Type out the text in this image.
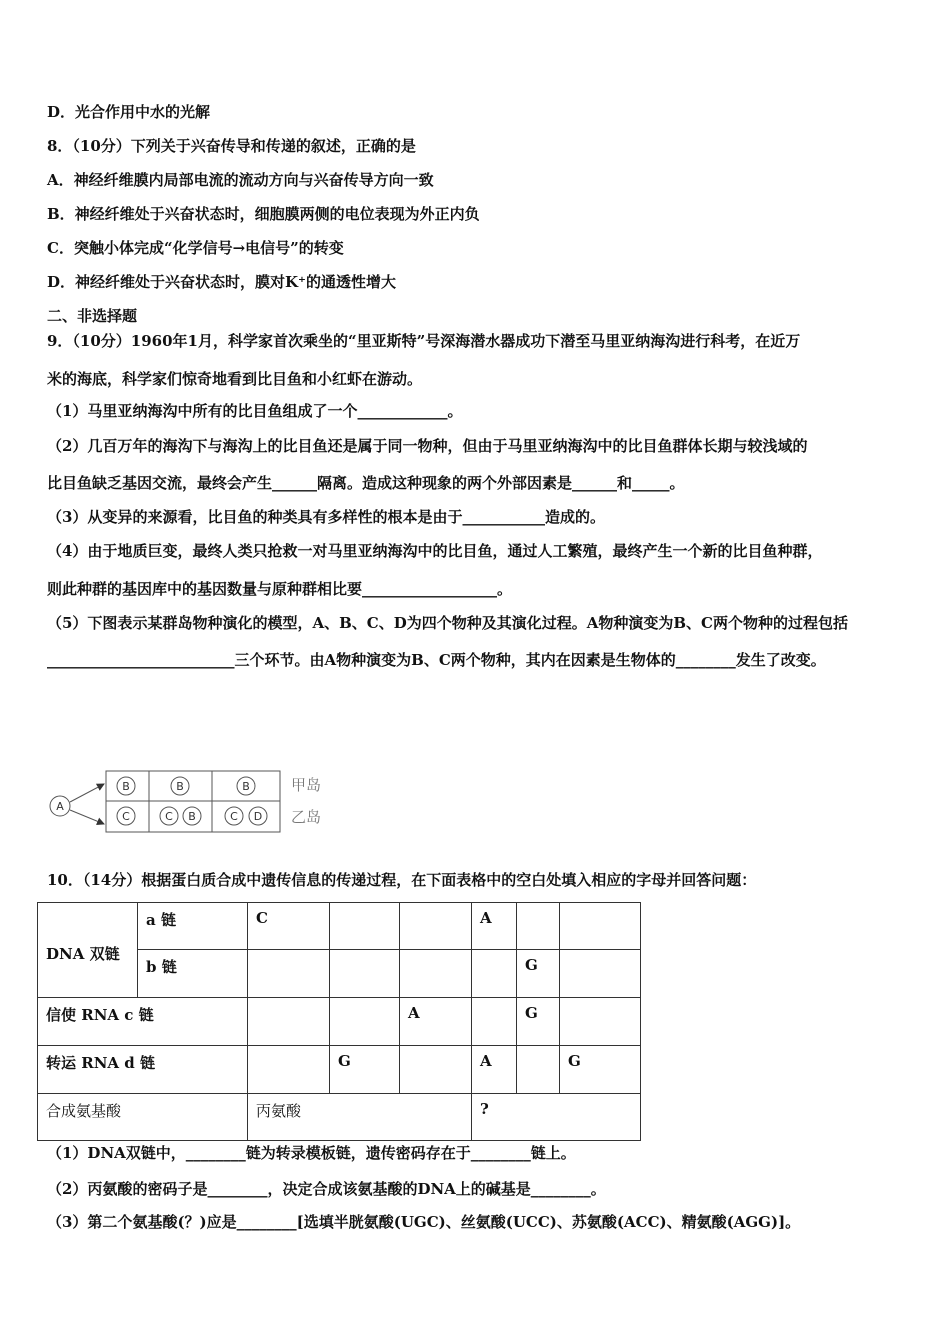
D．光合作用中水的光解
8．（10分）下列关于兴奋传导和传递的叙述，正确的是
A．神经纤维膜内局部电流的流动方向与兴奋传导方向一致
B．神经纤维处于兴奋状态时，细胞膜两侧的电位表现为外正内负
C．突触小体完成“化学信号→电信号”的转变
D．神经纤维处于兴奋状态时，膜对K⁺的通透性增大
二、非选择题
9．（10分）1960年1月，科学家首次乘坐的“里亚斯特”号深海潜水器成功下潜至马里亚纳海沟进行科考，在近万
米的海底，科学家们惊奇地看到比目鱼和小红虾在游动。
（1）马里亚纳海沟中所有的比目鱼组成了一个____________。
（2）几百万年的海沟下与海沟上的比目鱼还是属于同一物种，但由于马里亚纳海沟中的比目鱼群体长期与较浅域的
比目鱼缺乏基因交流，最终会产生______隔离。造成这种现象的两个外部因素是______和_____。
（3）从变异的来源看，比目鱼的种类具有多样性的根本是由于___________造成的。
（4）由于地质巨变，最终人类只抢救一对马里亚纳海沟中的比目鱼，通过人工繁殖，最终产生一个新的比目鱼种群，
则此种群的基因库中的基因数量与原种群相比要__________________。
（5）下图表示某群岛物种演化的模型，A、B、C、D为四个物种及其演化过程。A物种演变为B、C两个物种的过程包括
_________________________三个环节。由A物种演变为B、C两个物种，其内在因素是生物体的________发生了改变。
A
B	B	B
C	C B	C D
甲岛
乙岛
10．（14分）根据蛋白质合成中遗传信息的传递过程，在下面表格中的空白处填入相应的字母并回答问题：
DNA 双链	a 链	C			A		
	b 链					G	
信使 RNA c 链				A		G	
转运 RNA d 链			G		A		G
合成氨基酸		丙氨酸			?		
（1）DNA双链中，________链为转录模板链，遗传密码存在于________链上。
（2）丙氨酸的密码子是________，决定合成该氨基酸的DNA上的碱基是________。
（3）第二个氨基酸(？)应是________[选填半胱氨酸(UGC)、丝氨酸(UCC)、苏氨酸(ACC)、精氨酸(AGG)]。
